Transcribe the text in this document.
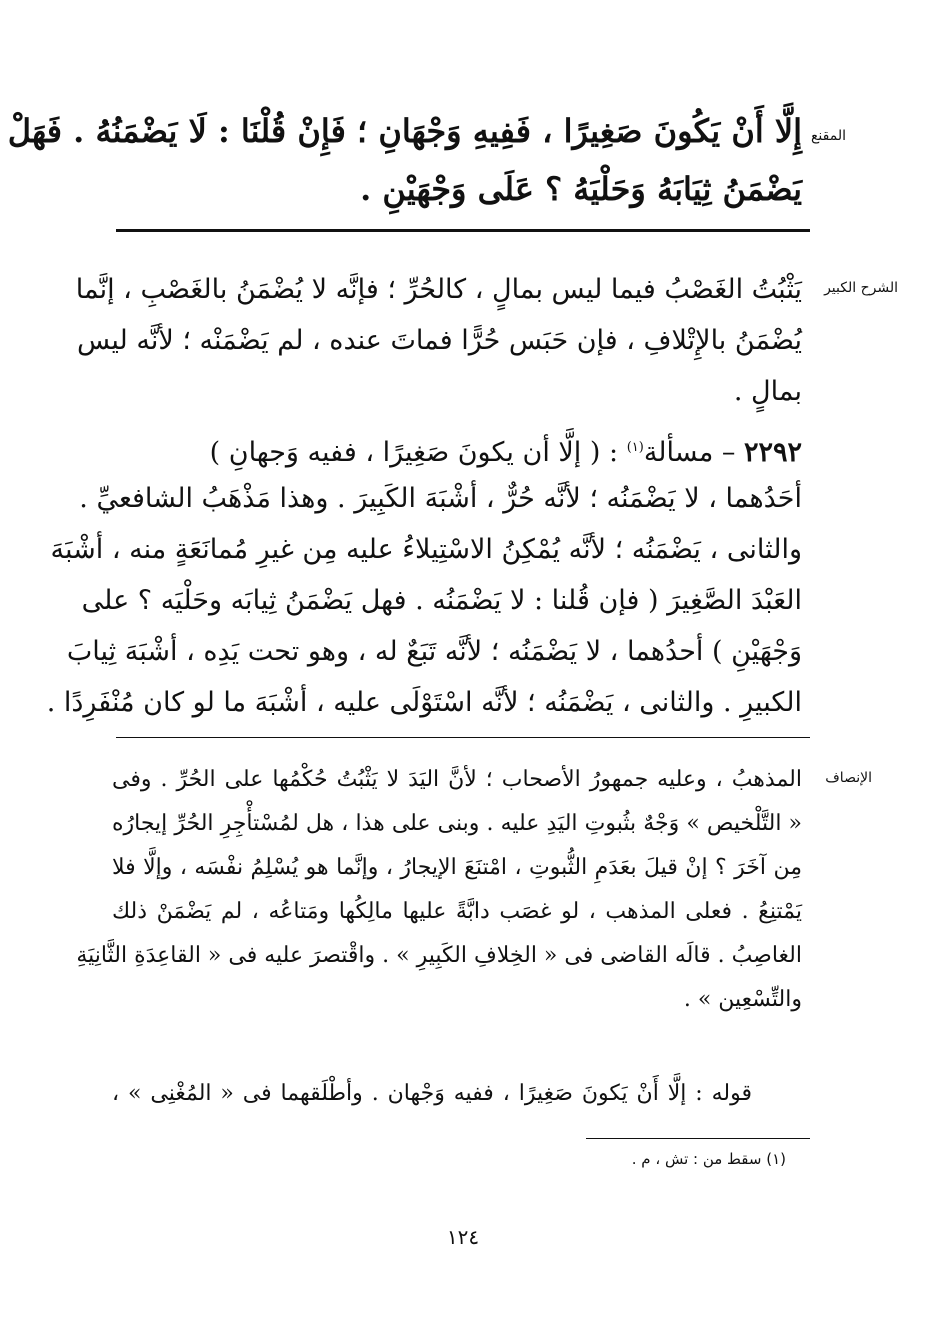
المقنع
إِلَّا أَنْ يَكُونَ صَغِيرًا ، فَفِيهِ وَجْهَانِ ؛ فَإِنْ قُلْنَا : لَا يَضْمَنُهُ . فَهَلْ
يَضْمَنُ ثِيَابَهُ وَحَلْيَهُ ؟ عَلَى وَجْهَيْنِ .
الشرح الكبير
يَثْبُتُ الغَصْبُ فيما ليس بمالٍ ، كالحُرِّ ؛ فإنَّه لا يُضْمَنُ بالغَصْبِ ، إنَّما
يُضْمَنُ بالإِتْلافِ ، فإن حَبَس حُرًّا فماتَ عنده ، لم يَضْمَنْه ؛ لأنَّه ليس
بمالٍ .
٢٢٩٢ – مسألة$^{(١)}$ : ( إلَّا أن يكونَ صَغِيرًا ، ففيه وَجهانِ )
أحَدُهما ، لا يَضْمَنُه ؛ لأنَّه حُرٌّ ، أشْبَهَ الكَبِيرَ . وهذا مَذْهَبُ الشافعيِّ .
والثانى ، يَضْمَنُه ؛ لأنَّه يُمْكِنُ الاسْتِيلاءُ عليه مِن غيرِ مُمانَعَةٍ منه ، أشْبَهَ
العَبْدَ الصَّغِيرَ ( فإن قُلنا : لا يَضْمَنُه . فهل يَضْمَنُ ثِيابَه وحَلْيَه ؟ على
وَجْهَيْنِ ) أحدُهما ، لا يَضْمَنُه ؛ لأنَّه تَبَعٌ له ، وهو تحت يَدِه ، أشْبَهَ ثِيابَ
الكبيرِ . والثانى ، يَضْمَنُه ؛ لأنَّه اسْتَوْلَى عليه ، أشْبَهَ ما لو كان مُنْفَرِدًا .
الإنصاف
المذهبُ ، وعليه جمهورُ الأصحاب ؛ لأنَّ اليَدَ لا يَثْبُتُ حُكْمُها على الحُرِّ . وفى
« التَّلْخيص » وَجْهٌ بثُبوتِ اليَدِ عليه . وبنى على هذا ، هل لمُسْتأْجِرِ الحُرِّ إيجارُه
مِن آخَرَ ؟ إنْ قيلَ بعَدَمِ الثُّبوتِ ، امْتنَعَ الإيجارُ ، وإنَّما هو يُسْلِمُ نفْسَه ، وإلَّا فلا
يَمْتنِعُ . فعلى المذهب ، لو غصَب دابَّةً عليها مالِكُها ومَتاعُه ، لم يَضْمَنْ ذلك
الغاصِبُ . قالَه القاضى فى « الخِلافِ الكَبِيرِ » . واقْتصرَ عليه فى « القاعِدَةِ الثَّانِيَةِ
والتِّسْعِين » .
قوله : إلَّا أَنْ يَكونَ صَغِيرًا ، ففيه وَجْهان . وأطْلَقهما فى « المُغْنِى » ،
(١) سقط من : تش ، م .
١٢٤
